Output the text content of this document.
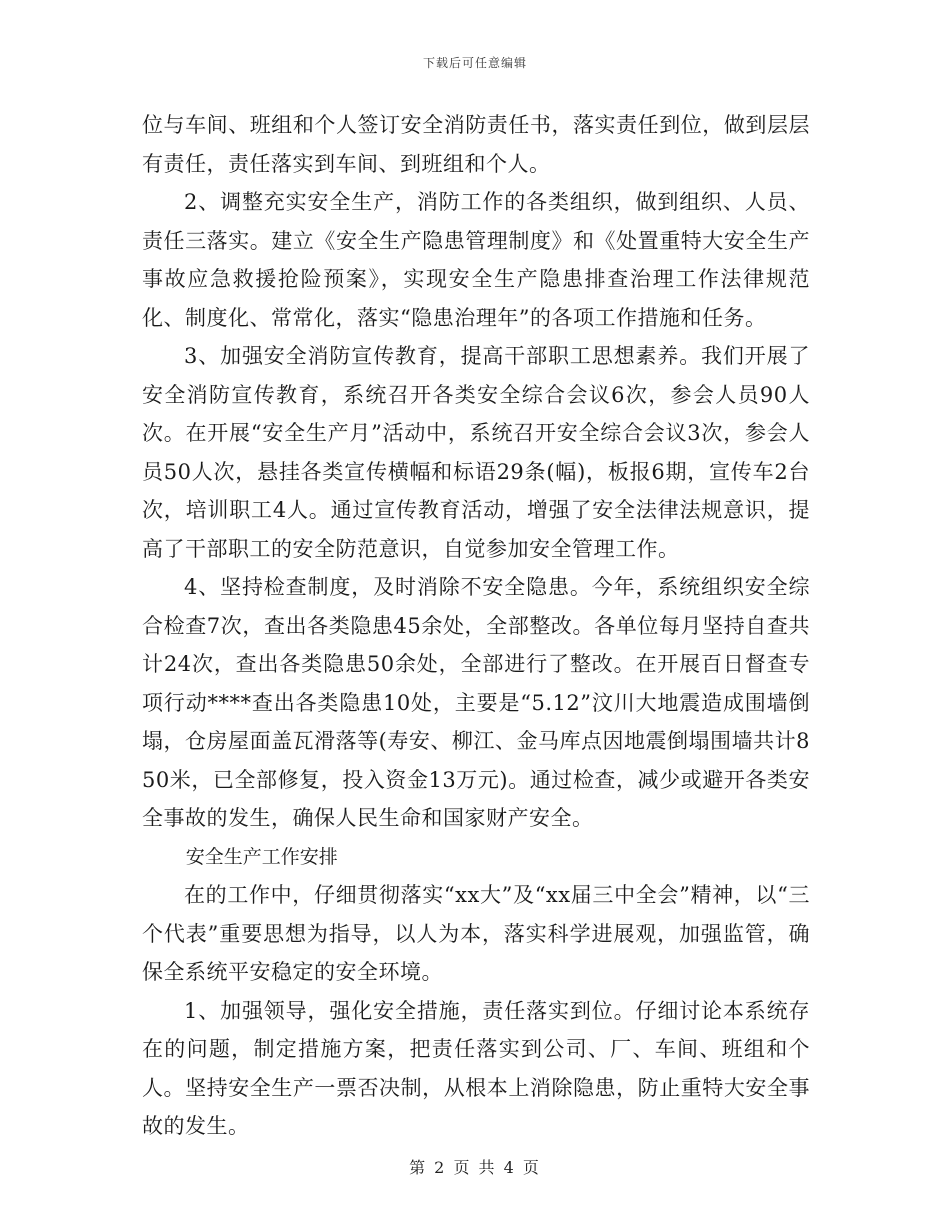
下载后可任意编辑

位与车间、班组和个人签订安全消防责任书，落实责任到位，做到层层有责任，责任落实到车间、到班组和个人。

2、调整充实安全生产，消防工作的各类组织，做到组织、人员、责任三落实。建立《安全生产隐患管理制度》和《处置重特大安全生产事故应急救援抢险预案》，实现安全生产隐患排查治理工作法律规范化、制度化、常常化，落实“隐患治理年”的各项工作措施和任务。

3、加强安全消防宣传教育，提高干部职工思想素养。我们开展了安全消防宣传教育，系统召开各类安全综合会议6次，参会人员90人次。在开展“安全生产月”活动中，系统召开安全综合会议3次，参会人员50人次，悬挂各类宣传横幅和标语29条(幅)，板报6期，宣传车2台次，培训职工4人。通过宣传教育活动，增强了安全法律法规意识，提高了干部职工的安全防范意识，自觉参加安全管理工作。

4、坚持检查制度，及时消除不安全隐患。今年，系统组织安全综合检查7次，查出各类隐患45余处，全部整改。各单位每月坚持自查共计24次，查出各类隐患50余处，全部进行了整改。在开展百日督查专项行动****查出各类隐患10处，主要是“5.12”汶川大地震造成围墙倒塌，仓房屋面盖瓦滑落等(寿安、柳江、金马库点因地震倒塌围墙共计850米，已全部修复，投入资金13万元)。通过检查，减少或避开各类安全事故的发生，确保人民生命和国家财产安全。

安全生产工作安排

在的工作中，仔细贯彻落实“xx大”及“xx届三中全会”精神，以“三个代表”重要思想为指导，以人为本，落实科学进展观，加强监管，确保全系统平安稳定的安全环境。

1、加强领导，强化安全措施，责任落实到位。仔细讨论本系统存在的问题，制定措施方案，把责任落实到公司、厂、车间、班组和个人。坚持安全生产一票否决制，从根本上消除隐患，防止重特大安全事故的发生。

第 2 页 共 4 页
